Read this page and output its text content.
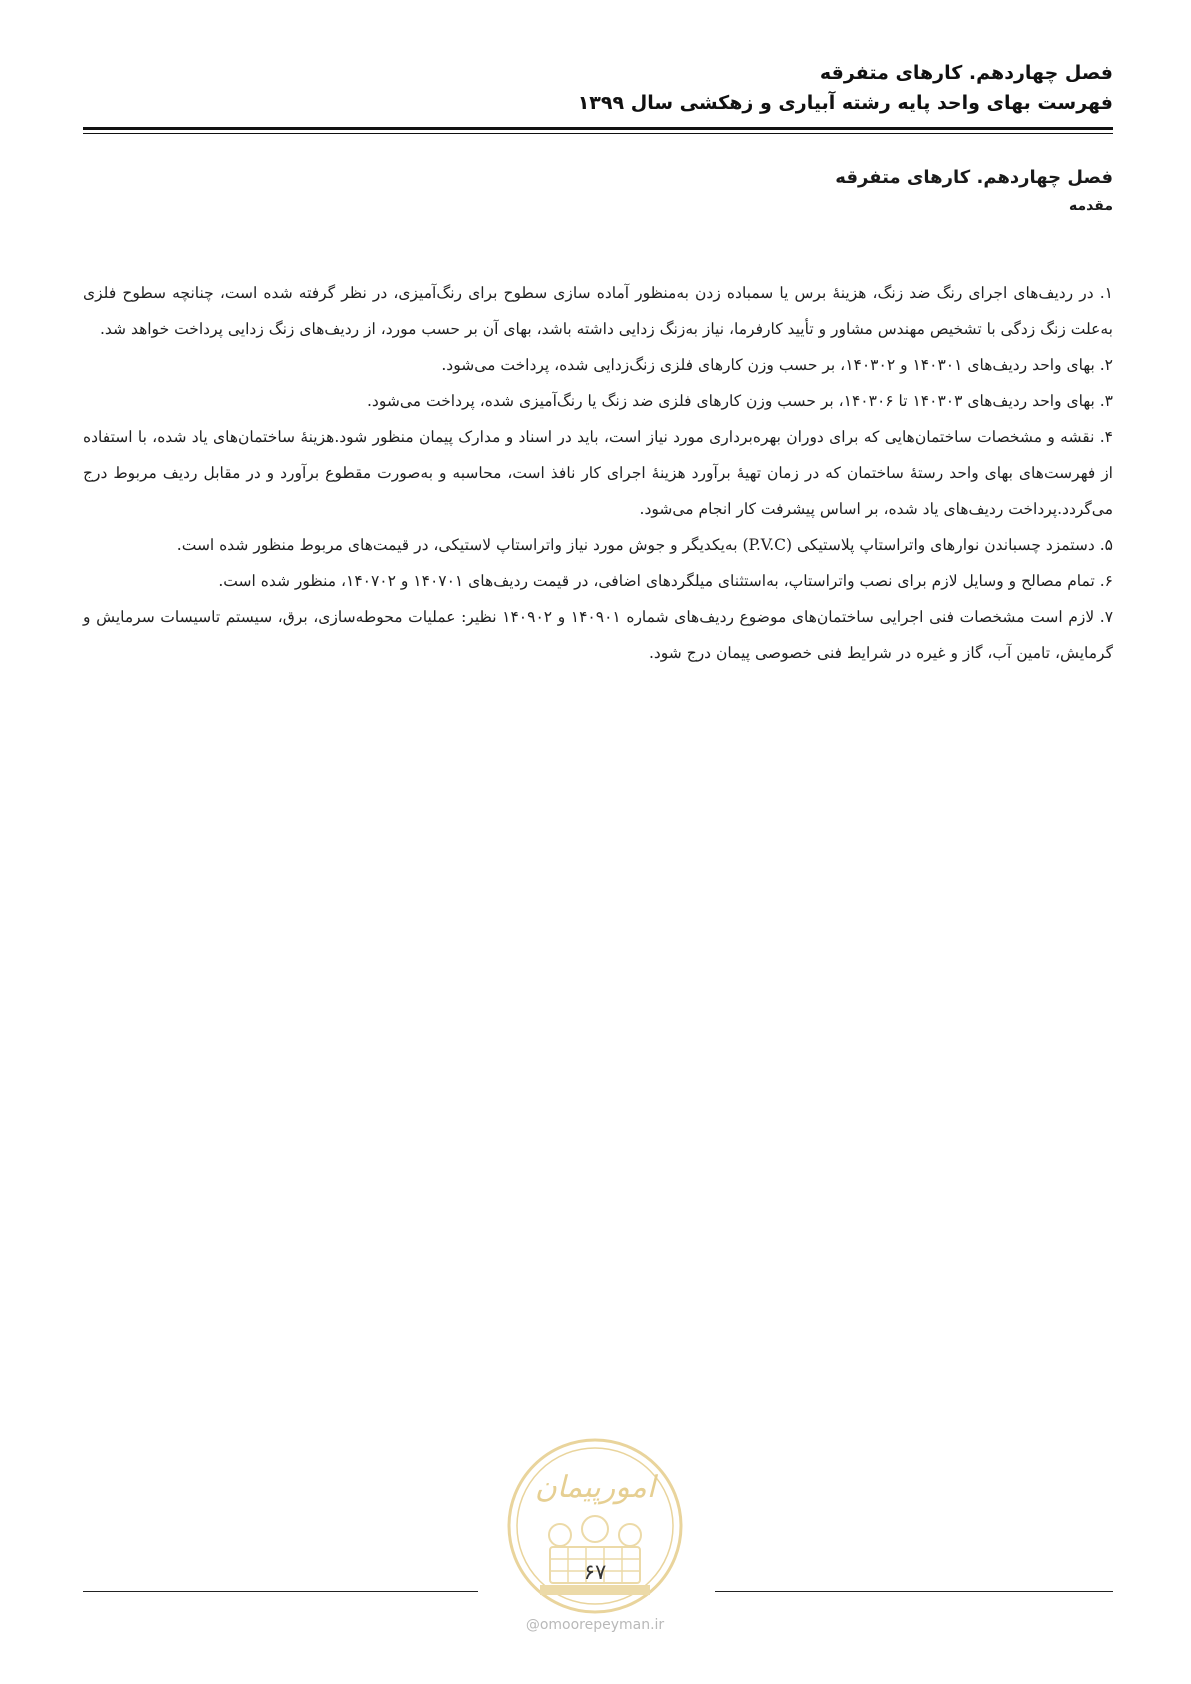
فصل چهاردهم. کارهای متفرقه
فهرست بهای واحد پایه رشته آبیاری و زهکشی سال ۱۳۹۹
فصل چهاردهم. کارهای متفرقه
مقدمه

۱. در ردیف‌های اجرای رنگ ضد زنگ، هزینهٔ برس یا سمباده زدن به‌منظور آماده سازی سطوح برای رنگ‌آمیزی، در نظر گرفته شده است، چنانچه سطوح فلزی به‌علت زنگ زدگی با تشخیص مهندس مشاور و تأیید کارفرما، نیاز به‌زنگ زدایی داشته باشد، بهای آن بر حسب مورد، از ردیف‌های زنگ زدایی پرداخت خواهد شد.

۲. بهای واحد ردیف‌های ۱۴۰۳۰۱ و ۱۴۰۳۰۲، بر حسب وزن کارهای فلزی زنگ‌زدایی شده، پرداخت می‌شود.

۳. بهای واحد ردیف‌های ۱۴۰۳۰۳ تا ۱۴۰۳۰۶، بر حسب وزن کارهای فلزی ضد زنگ یا رنگ‌آمیزی شده، پرداخت می‌شود.

۴. نقشه و مشخصات ساختمان‌هایی که برای دوران بهره‌برداری مورد نیاز است، باید در اسناد و مدارک پیمان منظور شود.هزینهٔ ساختمان‌های یاد شده، با استفاده از فهرست‌های بهای واحد رستهٔ ساختمان که در زمان تهیهٔ برآورد هزینهٔ اجرای کار نافذ است، محاسبه و به‌صورت مقطوع برآورد و در مقابل ردیف مربوط درج می‌گردد.پرداخت ردیف‌های یاد شده، بر اساس پیشرفت کار انجام می‌شود.

۵. دستمزد چسباندن نوارهای واتراستاپ پلاستیکی (P.V.C) به‌یکدیگر و جوش مورد نیاز واتراستاپ لاستیکی، در قیمت‌های مربوط منظور شده است.

۶. تمام مصالح و وسایل لازم برای نصب واتراستاپ، به‌استثنای میلگردهای اضافی، در قیمت ردیف‌های ۱۴۰۷۰۱ و ۱۴۰۷۰۲، منظور شده است.

۷. لازم است مشخصات فنی اجرایی ساختمان‌های موضوع ردیف‌های شماره ۱۴۰۹۰۱ و ۱۴۰۹۰۲ نظیر: عملیات محوطه‌سازی، برق، سیستم تاسیسات سرمایش و گرمایش، تامین آب، گاز و غیره در شرایط فنی خصوصی پیمان درج شود.

امورپیمان
۶۷
@omoorepeyman.ir
